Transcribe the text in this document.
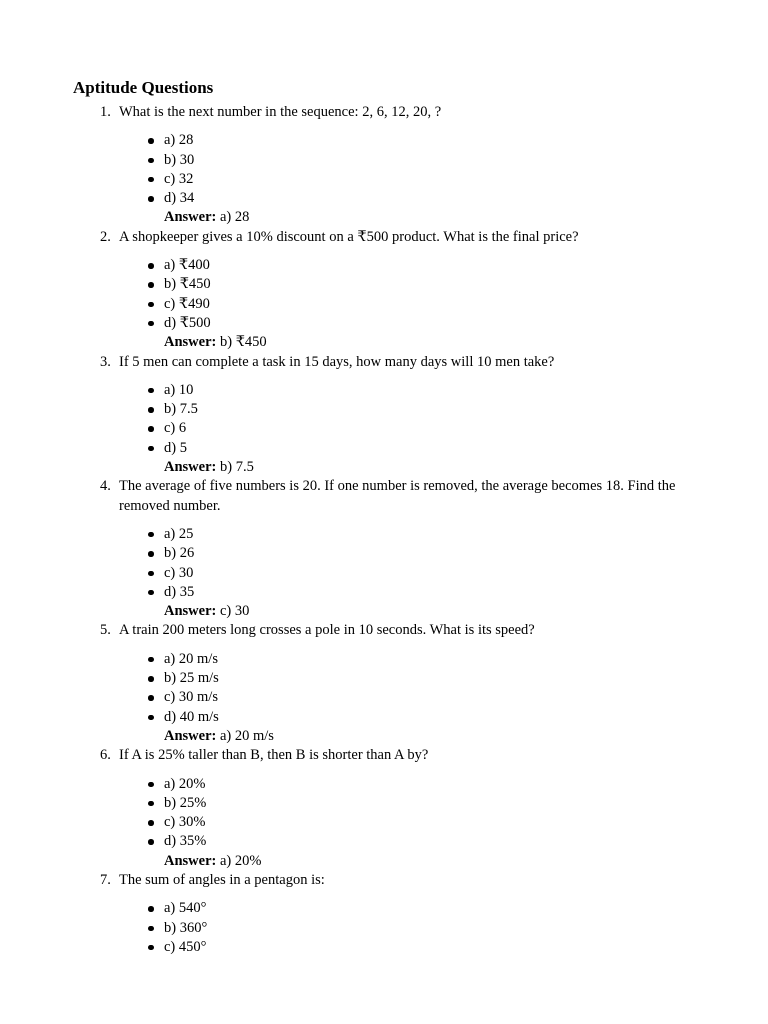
Aptitude Questions
1. What is the next number in the sequence: 2, 6, 12, 20, ?
a) 28
b) 30
c) 32
d) 34
Answer: a) 28
2. A shopkeeper gives a 10% discount on a ₹500 product. What is the final price?
a) ₹400
b) ₹450
c) ₹490
d) ₹500
Answer: b) ₹450
3. If 5 men can complete a task in 15 days, how many days will 10 men take?
a) 10
b) 7.5
c) 6
d) 5
Answer: b) 7.5
4. The average of five numbers is 20. If one number is removed, the average becomes 18. Find the removed number.
a) 25
b) 26
c) 30
d) 35
Answer: c) 30
5. A train 200 meters long crosses a pole in 10 seconds. What is its speed?
a) 20 m/s
b) 25 m/s
c) 30 m/s
d) 40 m/s
Answer: a) 20 m/s
6. If A is 25% taller than B, then B is shorter than A by?
a) 20%
b) 25%
c) 30%
d) 35%
Answer: a) 20%
7. The sum of angles in a pentagon is:
a) 540°
b) 360°
c) 450°
